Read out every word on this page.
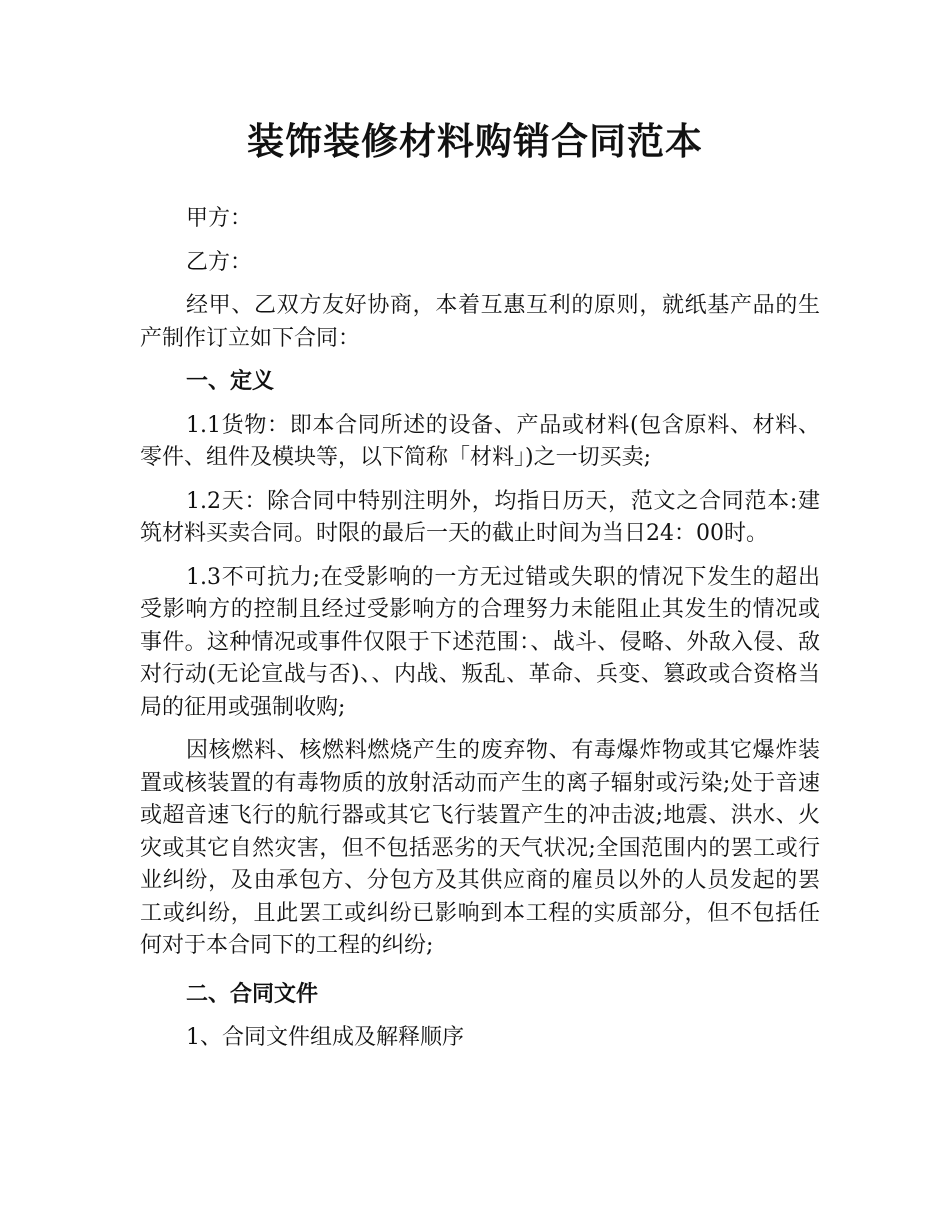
装饰装修材料购销合同范本

甲方：

乙方：

经甲、乙双方友好协商，本着互惠互利的原则，就纸基产品的生产制作订立如下合同：

一、定义

1.1货物：即本合同所述的设备、产品或材料(包含原料、材料、零件、组件及模块等，以下简称「材料」)之一切买卖;

1.2天：除合同中特别注明外，均指日历天，范文之合同范本:建筑材料买卖合同。时限的最后一天的截止时间为当日24：00时。

1.3不可抗力;在受影响的一方无过错或失职的情况下发生的超出受影响方的控制且经过受影响方的合理努力未能阻止其发生的情况或事件。这种情况或事件仅限于下述范围：、战斗、侵略、外敌入侵、敌对行动(无论宣战与否)、、内战、叛乱、革命、兵变、篡政或合资格当局的征用或强制收购;

因核燃料、核燃料燃烧产生的废弃物、有毒爆炸物或其它爆炸装置或核装置的有毒物质的放射活动而产生的离子辐射或污染;处于音速或超音速飞行的航行器或其它飞行装置产生的冲击波;地震、洪水、火灾或其它自然灾害，但不包括恶劣的天气状况;全国范围内的罢工或行业纠纷，及由承包方、分包方及其供应商的雇员以外的人员发起的罢工或纠纷，且此罢工或纠纷已影响到本工程的实质部分，但不包括任何对于本合同下的工程的纠纷;

二、合同文件

1、合同文件组成及解释顺序
